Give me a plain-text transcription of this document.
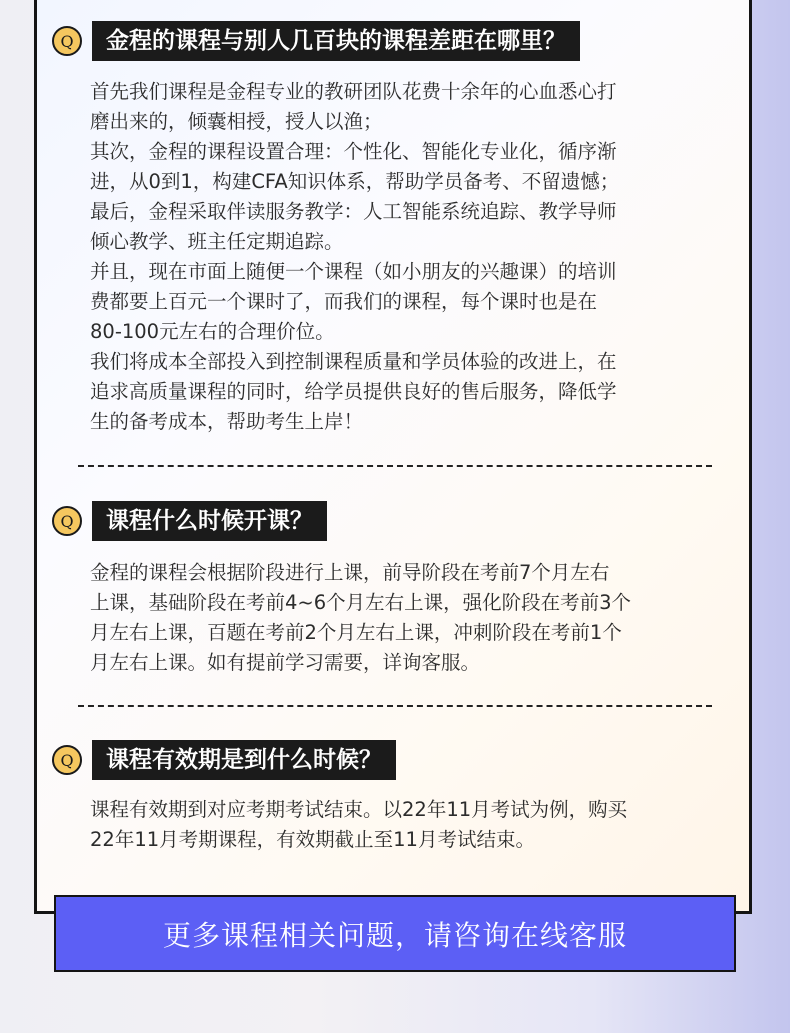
Q	金程的课程与别人几百块的课程差距在哪里？

首先我们课程是金程专业的教研团队花费十余年的心血悉心打

磨出来的，倾囊相授，授人以渔；

其次，金程的课程设置合理：个性化、智能化专业化，循序渐

进，从0到1，构建CFA知识体系，帮助学员备考、不留遗憾；

最后，金程采取伴读服务教学：人工智能系统追踪、教学导师

倾心教学、班主任定期追踪。

并且，现在市面上随便一个课程（如小朋友的兴趣课）的培训

费都要上百元一个课时了，而我们的课程，每个课时也是在

80-100元左右的合理价位。

我们将成本全部投入到控制课程质量和学员体验的改进上，在

追求高质量课程的同时，给学员提供良好的售后服务，降低学

生的备考成本，帮助考生上岸！

Q	课程什么时候开课？

金程的课程会根据阶段进行上课，前导阶段在考前7个月左右

上课，基础阶段在考前4~6个月左右上课，强化阶段在考前3个

月左右上课，百题在考前2个月左右上课，冲刺阶段在考前1个

月左右上课。如有提前学习需要，详询客服。

Q	课程有效期是到什么时候？

课程有效期到对应考期考试结束。以22年11月考试为例，购买

22年11月考期课程，有效期截止至11月考试结束。

更多课程相关问题，请咨询在线客服
